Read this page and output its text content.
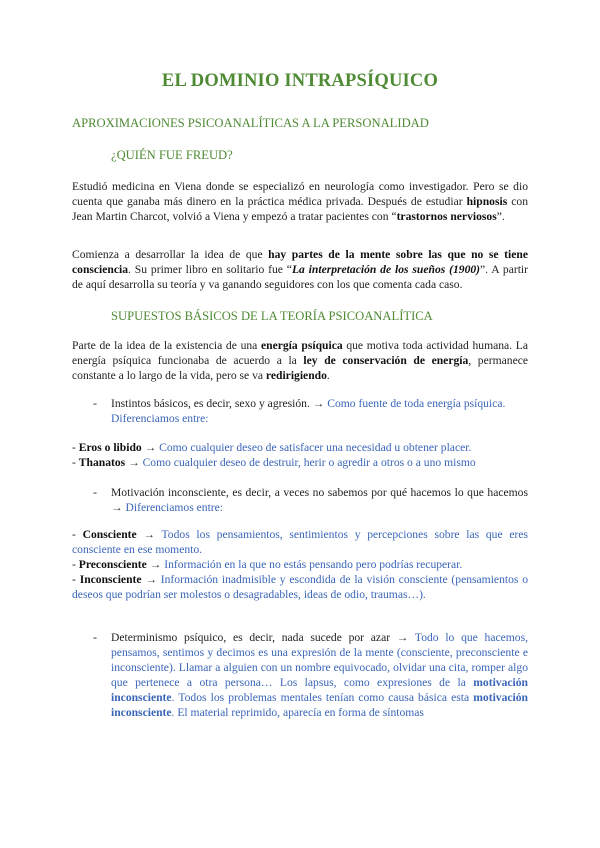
EL DOMINIO INTRAPSÍQUICO
APROXIMACIONES PSICOANALÍTICAS A LA PERSONALIDAD
¿QUIÉN FUE FREUD?
Estudió medicina en Viena donde se especializó en neurología como investigador. Pero se dio cuenta que ganaba más dinero en la práctica médica privada. Después de estudiar hipnosis con Jean Martin Charcot, volvió a Viena y empezó a tratar pacientes con “trastornos nerviosos”.
Comienza a desarrollar la idea de que hay partes de la mente sobre las que no se tiene consciencia. Su primer libro en solitario fue “La interpretación de los sueños (1900)”. A partir de aquí desarrolla su teoría y va ganando seguidores con los que comenta cada caso.
SUPUESTOS BÁSICOS DE LA TEORÍA PSICOANALÍTICA
Parte de la idea de la existencia de una energía psíquica que motiva toda actividad humana. La energía psíquica funcionaba de acuerdo a la ley de conservación de energía, permanece constante a lo largo de la vida, pero se va redirigiendo.
- Instintos básicos, es decir, sexo y agresión. → Como fuente de toda energía psíquica. Diferenciamos entre:
- Eros o libido → Como cualquier deseo de satisfacer una necesidad u obtener placer.
- Thanatos → Como cualquier deseo de destruir, herir o agredir a otros o a uno mismo
- Motivación inconsciente, es decir, a veces no sabemos por qué hacemos lo que hacemos → Diferenciamos entre:
- Consciente → Todos los pensamientos, sentimientos y percepciones sobre las que eres consciente en ese momento.
- Preconsciente → Información en la que no estás pensando pero podrías recuperar.
- Inconsciente → Información inadmisible y escondida de la visión consciente (pensamientos o deseos que podrían ser molestos o desagradables, ideas de odio, traumas…).
- Determinismo psíquico, es decir, nada sucede por azar → Todo lo que hacemos, pensamos, sentimos y decimos es una expresión de la mente (consciente, preconsciente e inconsciente). Llamar a alguien con un nombre equivocado, olvidar una cita, romper algo que pertenece a otra persona… Los lapsus, como expresiones de la motivación inconsciente. Todos los problemas mentales tenían como causa básica esta motivación inconsciente. El material reprimido, aparecía en forma de síntomas
